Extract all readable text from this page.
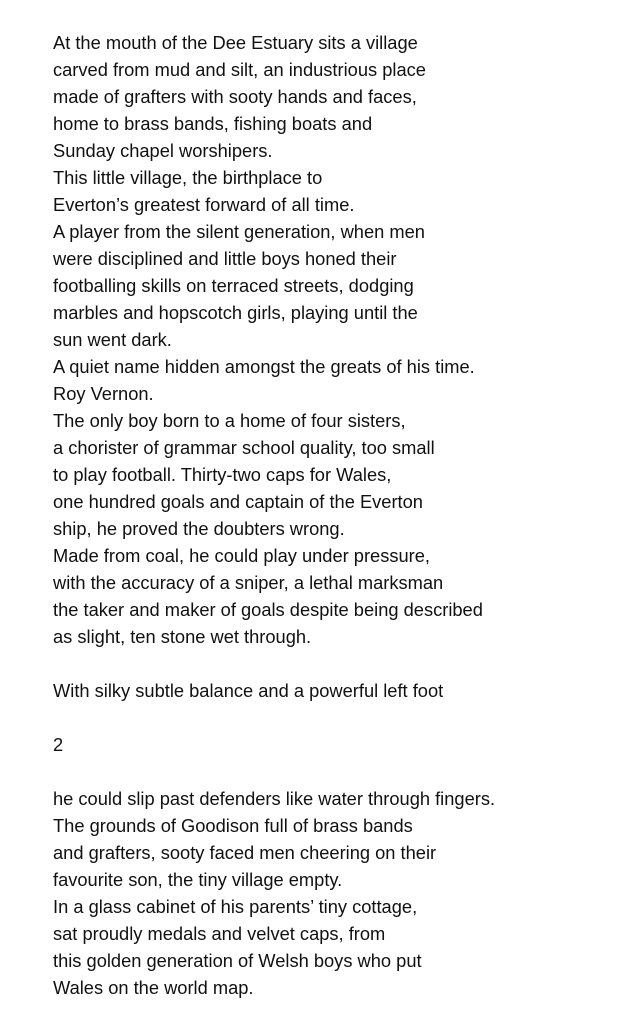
At the mouth of the Dee Estuary sits a village
carved from mud and silt, an industrious place
made of grafters with sooty hands and faces,
home to brass bands, fishing boats and
Sunday chapel worshipers.
This little village, the birthplace to
Everton’s greatest forward of all time.
A player from the silent generation, when men
were disciplined and little boys honed their
footballing skills on terraced streets, dodging
marbles and hopscotch girls, playing until the
sun went dark.
A quiet name hidden amongst the greats of his time.
Roy Vernon.
The only boy born to a home of four sisters,
a chorister of grammar school quality, too small
to play football. Thirty-two caps for Wales,
one hundred goals and captain of the Everton
ship, he proved the doubters wrong.
Made from coal, he could play under pressure,
with the accuracy of a sniper, a lethal marksman
the taker and maker of goals despite being described
as slight, ten stone wet through.
With silky subtle balance and a powerful left foot
2
he could slip past defenders like water through fingers.
The grounds of Goodison full of brass bands
and grafters, sooty faced men cheering on their
favourite son, the tiny village empty.
In a glass cabinet of his parents’ tiny cottage,
sat proudly medals and velvet caps, from
this golden generation of Welsh boys who put
Wales on the world map.
